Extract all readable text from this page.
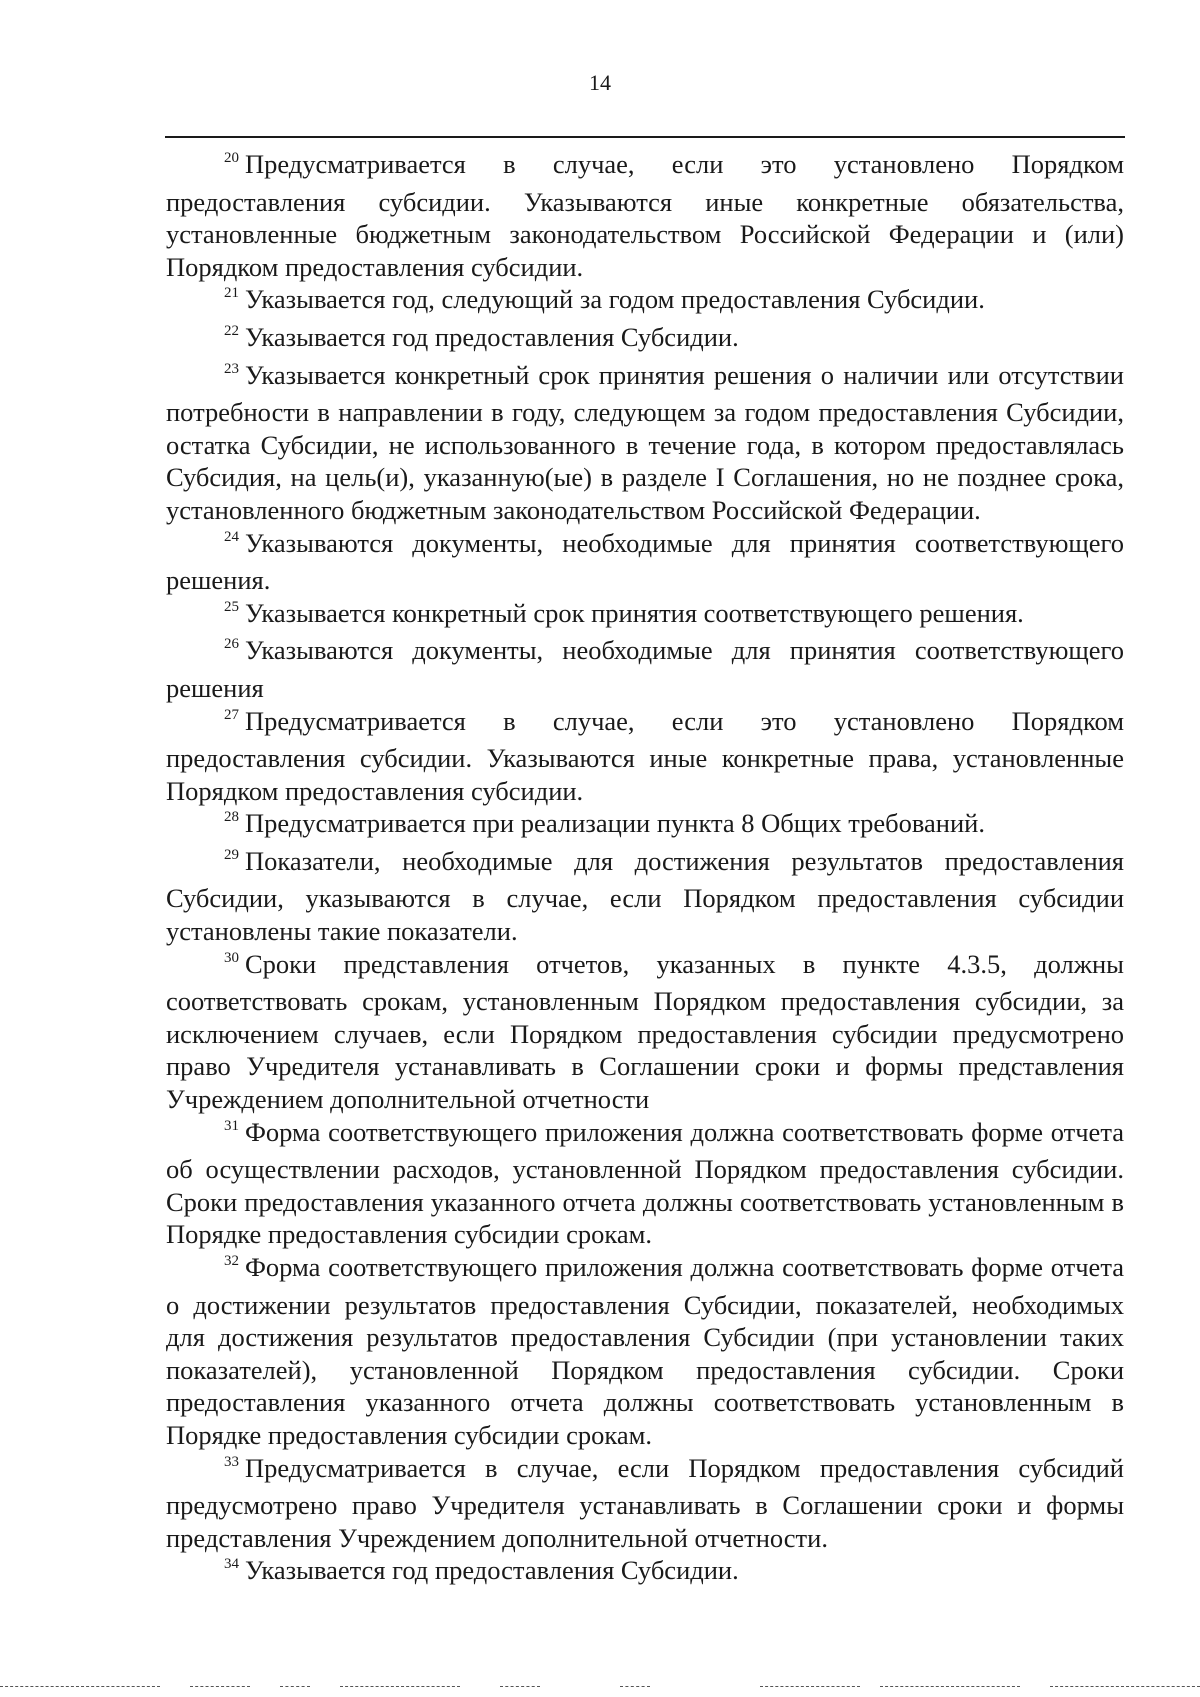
14

$^{20}$ Предусматривается в случае, если это установлено Порядком предоставления субсидии. Указываются иные конкретные обязательства, установленные бюджетным законодательством Российской Федерации и (или) Порядком предоставления субсидии.

$^{21}$ Указывается год, следующий за годом предоставления Субсидии.

$^{22}$ Указывается год предоставления Субсидии.

$^{23}$ Указывается конкретный срок принятия решения о наличии или отсутствии потребности в направлении в году, следующем за годом предоставления Субсидии, остатка Субсидии, не использованного в течение года, в котором предоставлялась Субсидия, на цель(и), указанную(ые) в разделе I Соглашения, но не позднее срока, установленного бюджетным законодательством Российской Федерации.

$^{24}$ Указываются документы, необходимые для принятия соответствующего решения.

$^{25}$ Указывается конкретный срок принятия соответствующего решения.

$^{26}$ Указываются документы, необходимые для принятия соответствующего решения

$^{27}$ Предусматривается в случае, если это установлено Порядком предоставления субсидии. Указываются иные конкретные права, установленные Порядком предоставления субсидии.

$^{28}$ Предусматривается при реализации пункта 8 Общих требований.

$^{29}$ Показатели, необходимые для достижения результатов предоставления Субсидии, указываются в случае, если Порядком предоставления субсидии установлены такие показатели.

$^{30}$ Сроки представления отчетов, указанных в пункте 4.3.5, должны соответствовать срокам, установленным Порядком предоставления субсидии, за исключением случаев, если Порядком предоставления субсидии предусмотрено право Учредителя устанавливать в Соглашении сроки и формы представления Учреждением дополнительной отчетности

$^{31}$ Форма соответствующего приложения должна соответствовать форме отчета об осуществлении расходов, установленной Порядком предоставления субсидии. Сроки предоставления указанного отчета должны соответствовать установленным в Порядке предоставления субсидии срокам.

$^{32}$ Форма соответствующего приложения должна соответствовать форме отчета о достижении результатов предоставления Субсидии, показателей, необходимых для достижения результатов предоставления Субсидии (при установлении таких показателей), установленной Порядком предоставления субсидии. Сроки предоставления указанного отчета должны соответствовать установленным в Порядке предоставления субсидии срокам.

$^{33}$ Предусматривается в случае, если Порядком предоставления субсидий предусмотрено право Учредителя устанавливать в Соглашении сроки и формы представления Учреждением дополнительной отчетности.

$^{34}$ Указывается год предоставления Субсидии.
